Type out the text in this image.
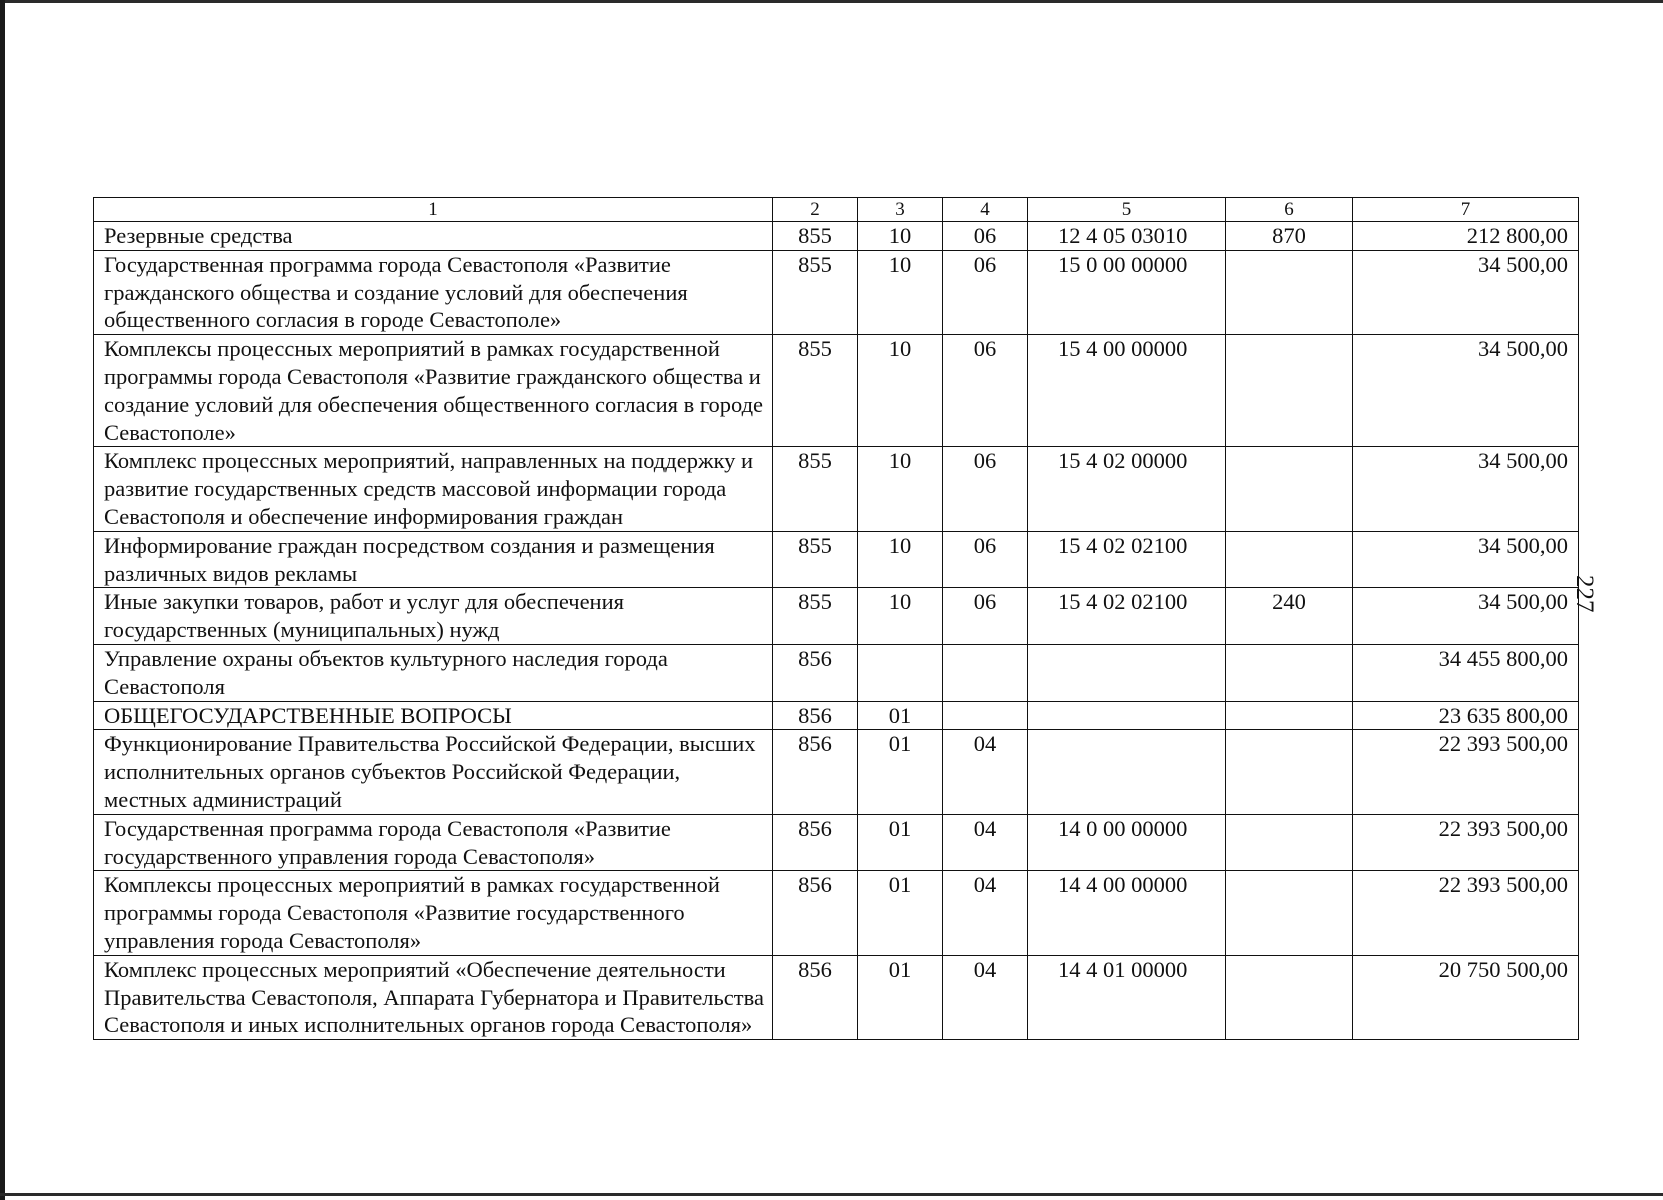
1	2	3	4	5	6	7
Резервные средства	855	10	06	12 4 05 03010	870	212 800,00
Государственная программа города Севастополя «Развитие гражданского общества и создание условий для обеспечения общественного согласия в городе Севастополе»	855	10	06	15 0 00 00000		34 500,00
Комплексы процессных мероприятий в рамках государственной программы города Севастополя «Развитие гражданского общества и создание условий для обеспечения общественного согласия в городе Севастополе»	855	10	06	15 4 00 00000		34 500,00
Комплекс процессных мероприятий, направленных на поддержку и развитие государственных средств массовой информации города Севастополя и обеспечение информирования граждан	855	10	06	15 4 02 00000		34 500,00
Информирование граждан посредством создания и размещения различных видов рекламы	855	10	06	15 4 02 02100		34 500,00
Иные закупки товаров, работ и услуг для обеспечения государственных (муниципальных) нужд	855	10	06	15 4 02 02100	240	34 500,00
Управление охраны объектов культурного наследия города Севастополя	856					34 455 800,00
ОБЩЕГОСУДАРСТВЕННЫЕ ВОПРОСЫ	856	01				23 635 800,00
Функционирование Правительства Российской Федерации, высших исполнительных органов субъектов Российской Федерации, местных администраций	856	01	04			22 393 500,00
Государственная программа города Севастополя «Развитие государственного управления города Севастополя»	856	01	04	14 0 00 00000		22 393 500,00
Комплексы процессных мероприятий в рамках государственной программы города Севастополя «Развитие государственного управления города Севастополя»	856	01	04	14 4 00 00000		22 393 500,00
Комплекс процессных мероприятий «Обеспечение деятельности Правительства Севастополя, Аппарата Губернатора и Правительства Севастополя и иных исполнительных органов города Севастополя»	856	01	04	14 4 01 00000		20 750 500,00
227
